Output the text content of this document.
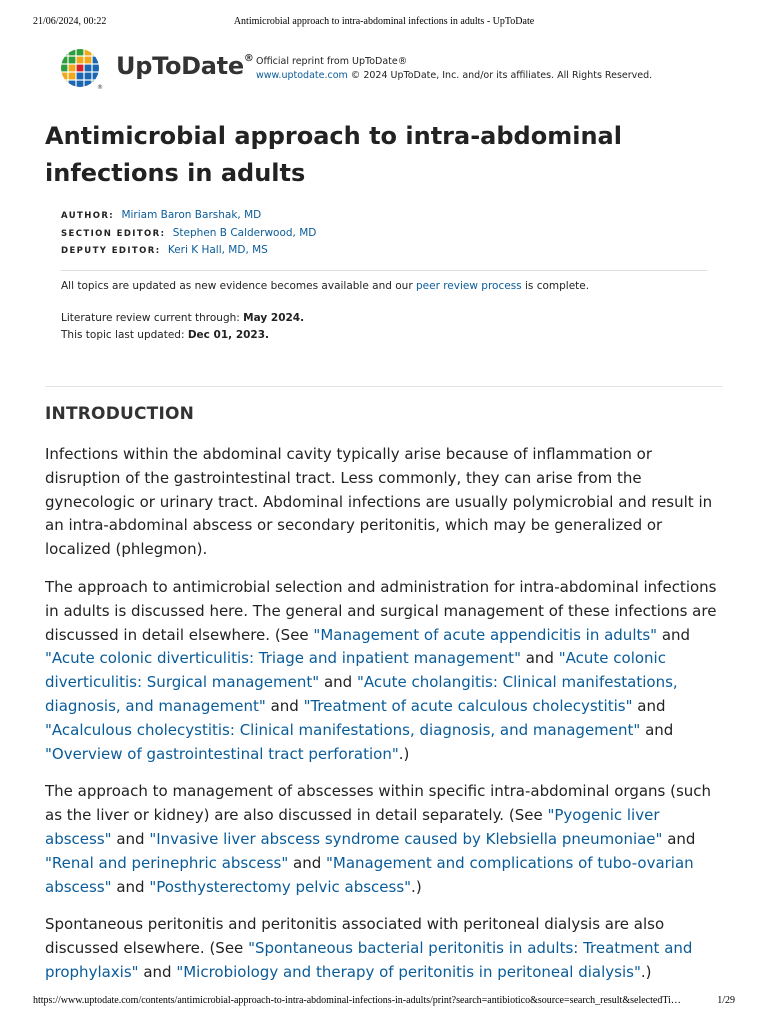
21/06/2024, 00:22	Antimicrobial approach to intra-abdominal infections in adults - UpToDate
®
UpToDate® Official reprint from UpToDate®
www.uptodate.com © 2024 UpToDate, Inc. and/or its affiliates. All Rights Reserved.
Antimicrobial approach to intra-abdominal infections in adults
AUTHOR: Miriam Baron Barshak, MD
SECTION EDITOR: Stephen B Calderwood, MD
DEPUTY EDITOR: Keri K Hall, MD, MS
All topics are updated as new evidence becomes available and our peer review process is complete.
Literature review current through: May 2024.
This topic last updated: Dec 01, 2023.
INTRODUCTION

Infections within the abdominal cavity typically arise because of inflammation or disruption of the gastrointestinal tract. Less commonly, they can arise from the gynecologic or urinary tract. Abdominal infections are usually polymicrobial and result in an intra-abdominal abscess or secondary peritonitis, which may be generalized or localized (phlegmon).

The approach to antimicrobial selection and administration for intra-abdominal infections in adults is discussed here. The general and surgical management of these infections are discussed in detail elsewhere. (See "Management of acute appendicitis in adults" and "Acute colonic diverticulitis: Triage and inpatient management" and "Acute colonic diverticulitis: Surgical management" and "Acute cholangitis: Clinical manifestations, diagnosis, and management" and "Treatment of acute calculous cholecystitis" and "Acalculous cholecystitis: Clinical manifestations, diagnosis, and management" and "Overview of gastrointestinal tract perforation".)

The approach to management of abscesses within specific intra-abdominal organs (such as the liver or kidney) are also discussed in detail separately. (See "Pyogenic liver abscess" and "Invasive liver abscess syndrome caused by Klebsiella pneumoniae" and "Renal and perinephric abscess" and "Management and complications of tubo-ovarian abscess" and "Posthysterectomy pelvic abscess".)

Spontaneous peritonitis and peritonitis associated with peritoneal dialysis are also discussed elsewhere. (See "Spontaneous bacterial peritonitis in adults: Treatment and prophylaxis" and "Microbiology and therapy of peritonitis in peritoneal dialysis".)

https://www.uptodate.com/contents/antimicrobial-approach-to-intra-abdominal-infections-in-adults/print?search=antibiotico&source=search_result&selectedTi…	1/29
